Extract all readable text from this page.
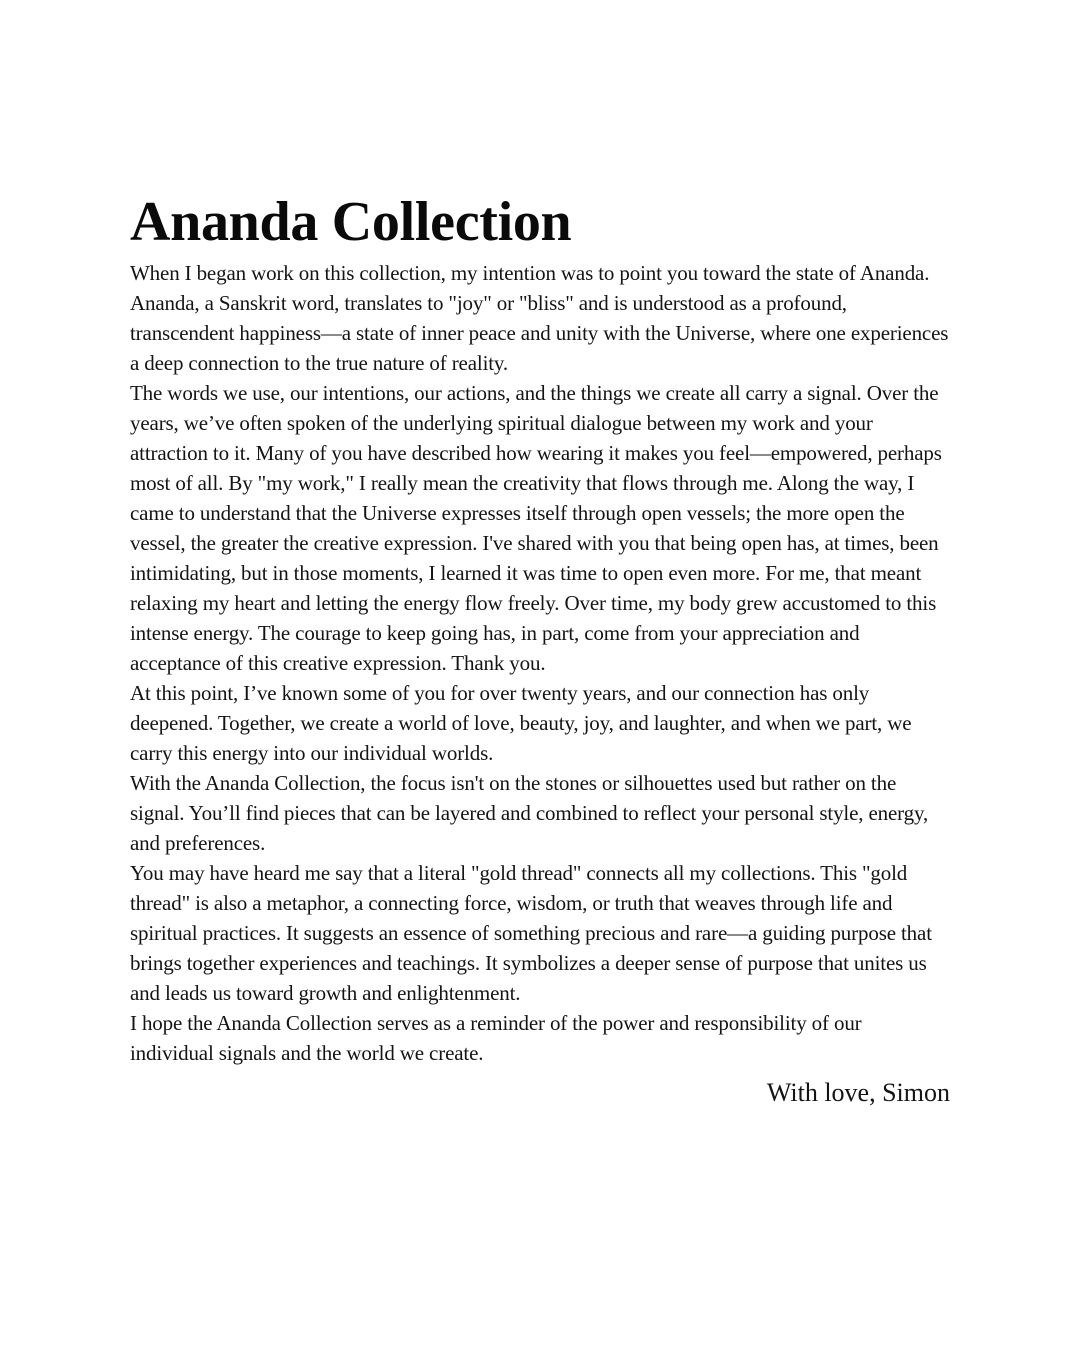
Ananda Collection

When I began work on this collection, my intention was to point you toward the state of Ananda. Ananda, a Sanskrit word, translates to "joy" or "bliss" and is understood as a profound, transcendent happiness—a state of inner peace and unity with the Universe, where one experiences a deep connection to the true nature of reality.

The words we use, our intentions, our actions, and the things we create all carry a signal. Over the years, we’ve often spoken of the underlying spiritual dialogue between my work and your attraction to it. Many of you have described how wearing it makes you feel—empowered, perhaps most of all. By "my work," I really mean the creativity that flows through me. Along the way, I came to understand that the Universe expresses itself through open vessels; the more open the vessel, the greater the creative expression. I've shared with you that being open has, at times, been intimidating, but in those moments, I learned it was time to open even more. For me, that meant relaxing my heart and letting the energy flow freely. Over time, my body grew accustomed to this intense energy. The courage to keep going has, in part, come from your appreciation and acceptance of this creative expression. Thank you.

At this point, I’ve known some of you for over twenty years, and our connection has only deepened. Together, we create a world of love, beauty, joy, and laughter, and when we part, we carry this energy into our individual worlds.

With the Ananda Collection, the focus isn't on the stones or silhouettes used but rather on the signal. You’ll find pieces that can be layered and combined to reflect your personal style, energy, and preferences.

You may have heard me say that a literal "gold thread" connects all my collections. This "gold thread" is also a metaphor, a connecting force, wisdom, or truth that weaves through life and spiritual practices. It suggests an essence of something precious and rare—a guiding purpose that brings together experiences and teachings. It symbolizes a deeper sense of purpose that unites us and leads us toward growth and enlightenment.

I hope the Ananda Collection serves as a reminder of the power and responsibility of our individual signals and the world we create.

With love, Simon
